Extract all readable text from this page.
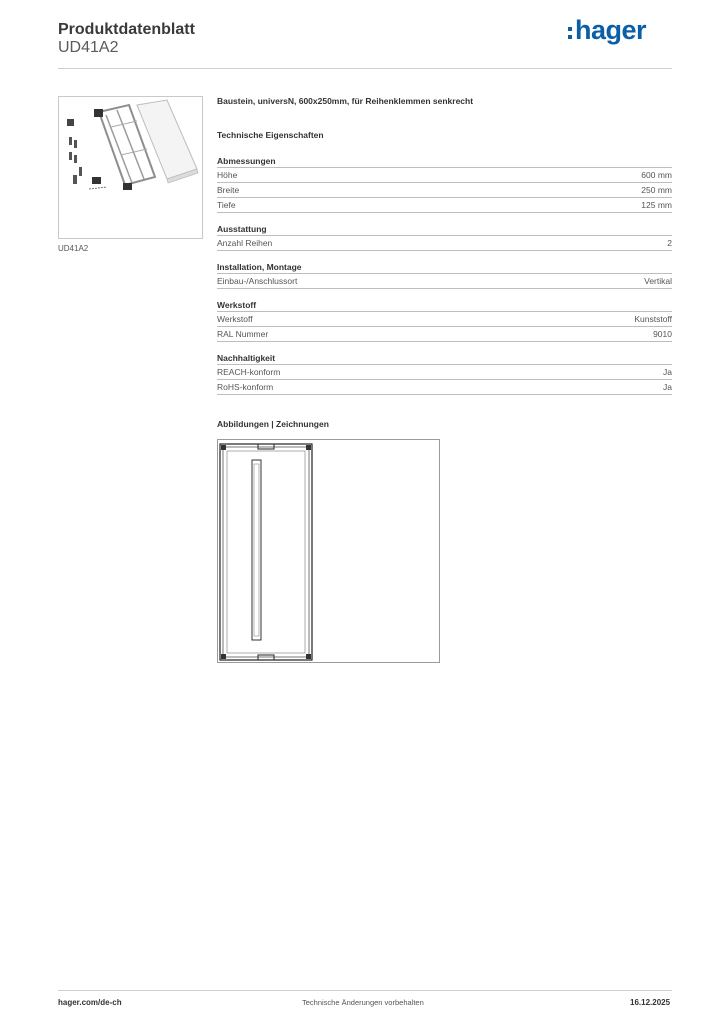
Produktdatenblatt
UD41A2
hager
UD41A2
Baustein, universN, 600x250mm, für Reihenklemmen senkrecht
Technische Eigenschaften
Abmessungen
Höhe	600 mm
Breite	250 mm
Tiefe	125 mm
Ausstattung
Anzahl Reihen	2
Installation, Montage
Einbau-/Anschlussort	Vertikal
Werkstoff
Werkstoff	Kunststoff
RAL Nummer	9010
Nachhaltigkeit
REACH-konform	Ja
RoHS-konform	Ja
Abbildungen | Zeichnungen
hager.com/de-ch	Technische Änderungen vorbehalten	16.12.2025
